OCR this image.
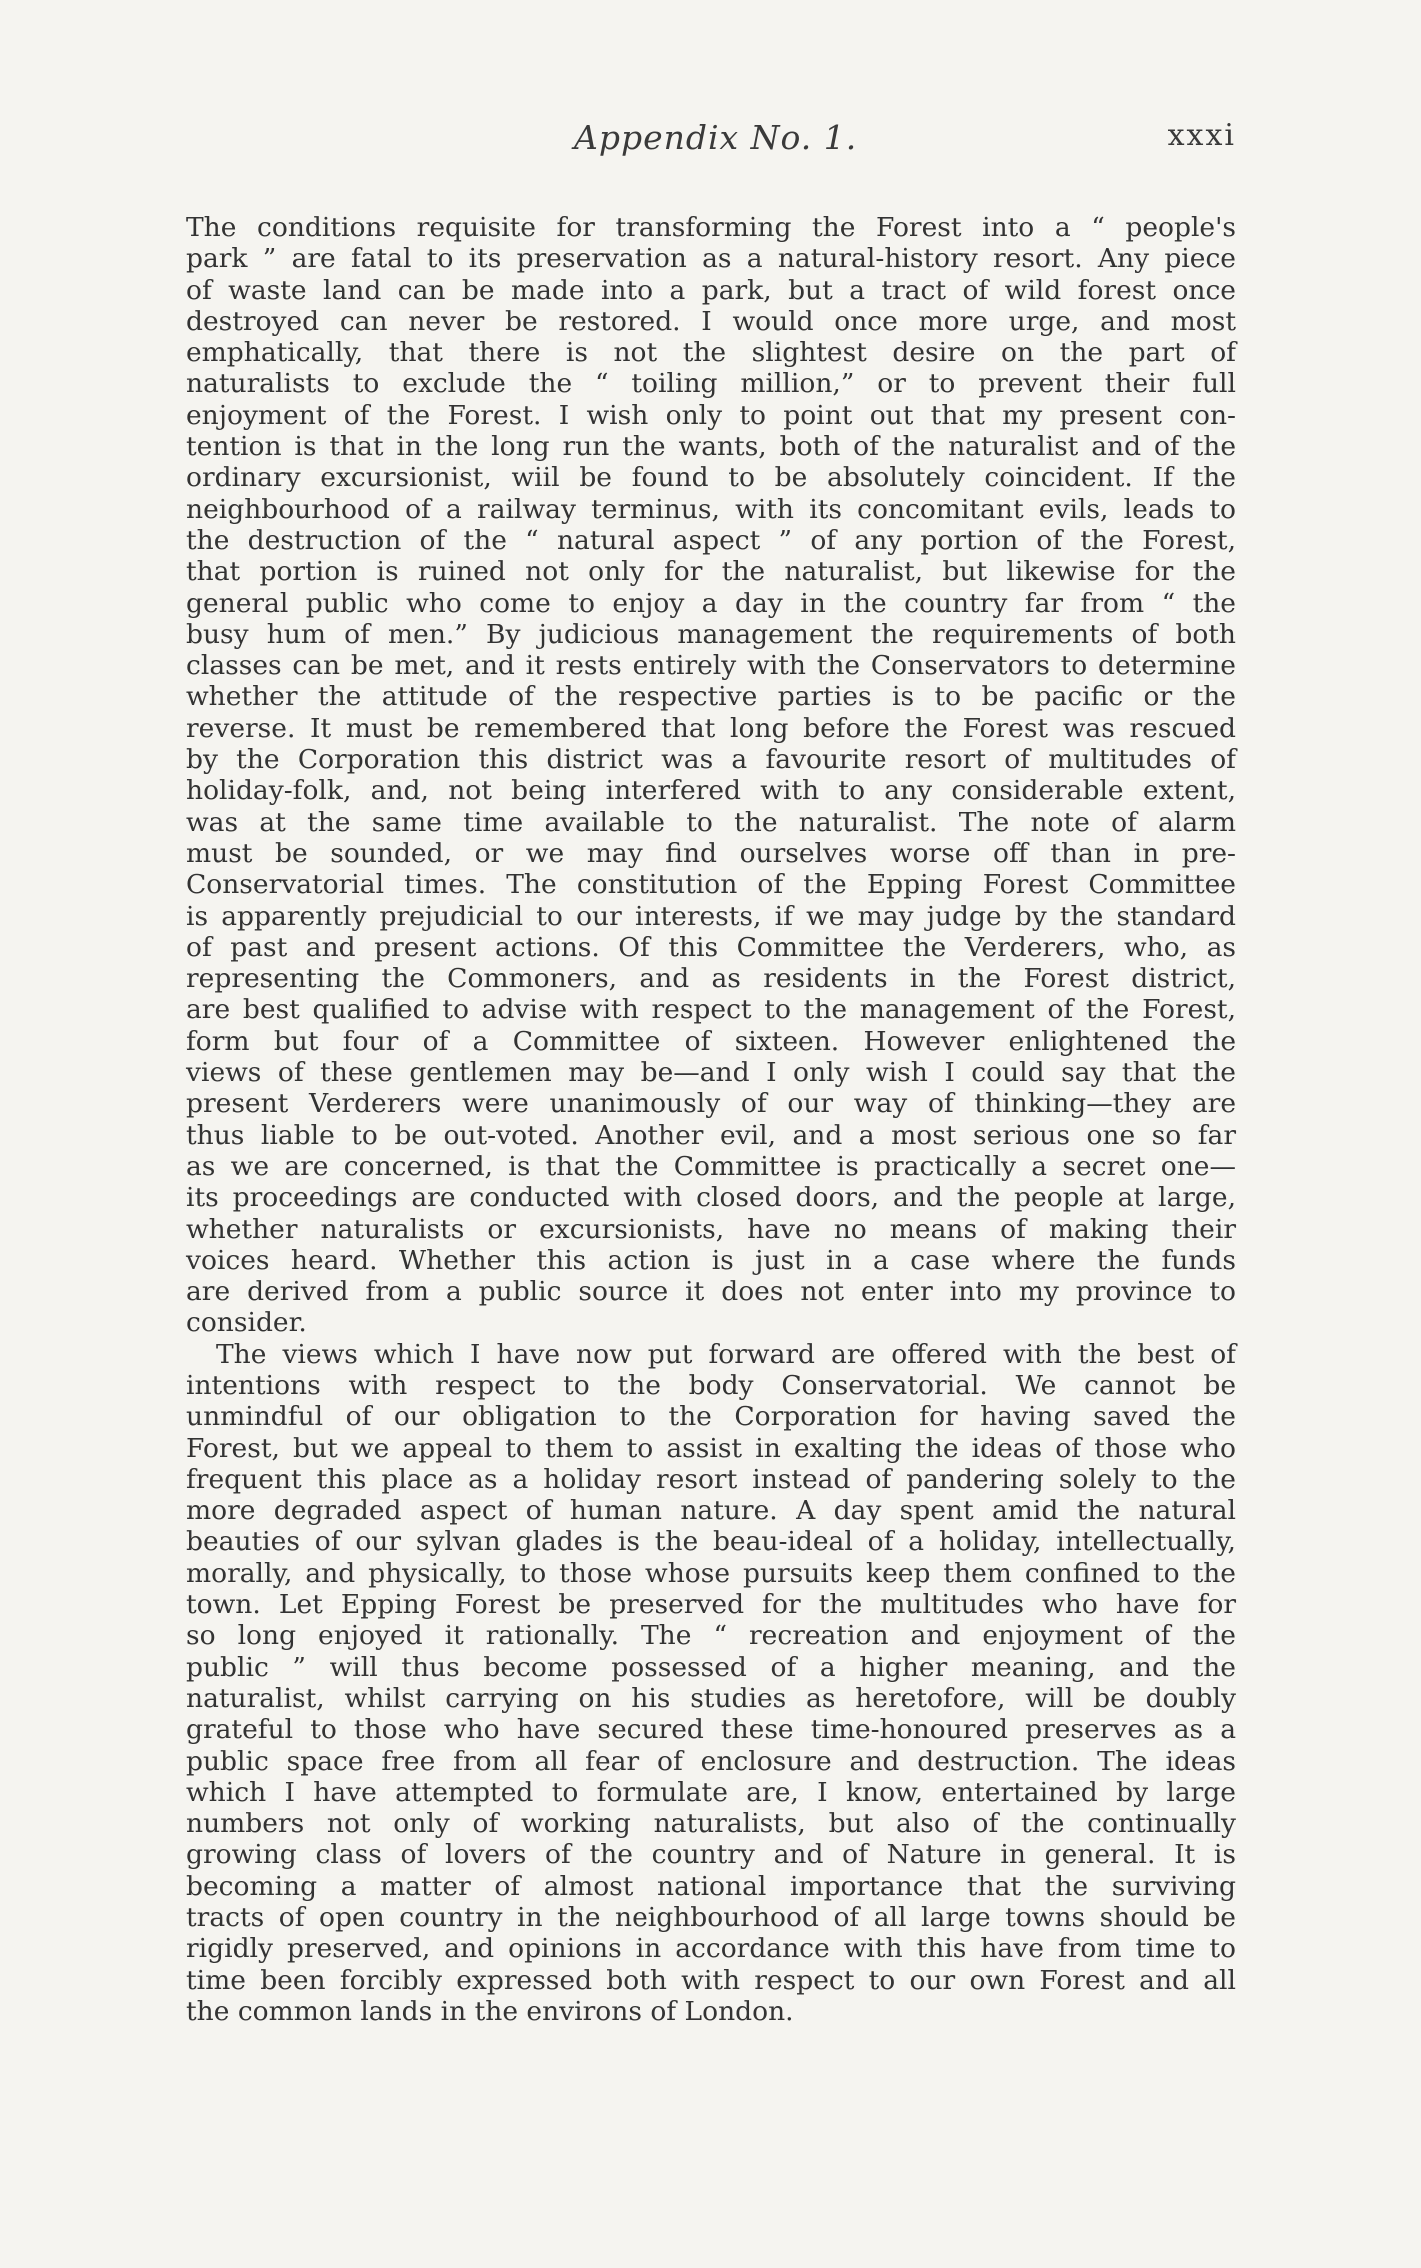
Appendix No. 1.	xxxi
The conditions requisite for transforming the Forest into a “ people's
park ” are fatal to its preservation as a natural-history resort. Any piece
of waste land can be made into a park, but a tract of wild forest once
destroyed can never be restored. I would once more urge, and most
emphatically, that there is not the slightest desire on the part of
naturalists to exclude the “ toiling million,” or to prevent their full
enjoyment of the Forest. I wish only to point out that my present con-
tention is that in the long run the wants, both of the naturalist and of the
ordinary excursionist, wiil be found to be absolutely coincident. If the
neighbourhood of a railway terminus, with its concomitant evils, leads to
the destruction of the “ natural aspect ” of any portion of the Forest,
that portion is ruined not only for the naturalist, but likewise for the
general public who come to enjoy a day in the country far from “ the
busy hum of men.” By judicious management the requirements of both
classes can be met, and it rests entirely with the Conservators to determine
whether the attitude of the respective parties is to be pacific or the
reverse. It must be remembered that long before the Forest was rescued
by the Corporation this district was a favourite resort of multitudes of
holiday-folk, and, not being interfered with to any considerable extent,
was at the same time available to the naturalist. The note of alarm
must be sounded, or we may find ourselves worse off than in pre-
Conservatorial times. The constitution of the Epping Forest Committee
is apparently prejudicial to our interests, if we may judge by the standard
of past and present actions. Of this Committee the Verderers, who, as
representing the Commoners, and as residents in the Forest district,
are best qualified to advise with respect to the management of the Forest,
form but four of a Committee of sixteen. However enlightened the
views of these gentlemen may be—and I only wish I could say that the
present Verderers were unanimously of our way of thinking—they are
thus liable to be out-voted. Another evil, and a most serious one so far
as we are concerned, is that the Committee is practically a secret one—
its proceedings are conducted with closed doors, and the people at large,
whether naturalists or excursionists, have no means of making their
voices heard. Whether this action is just in a case where the funds
are derived from a public source it does not enter into my province to
consider.
The views which I have now put forward are offered with the best of
intentions with respect to the body Conservatorial. We cannot be
unmindful of our obligation to the Corporation for having saved the
Forest, but we appeal to them to assist in exalting the ideas of those who
frequent this place as a holiday resort instead of pandering solely to the
more degraded aspect of human nature. A day spent amid the natural
beauties of our sylvan glades is the beau-ideal of a holiday, intellectually,
morally, and physically, to those whose pursuits keep them confined to the
town. Let Epping Forest be preserved for the multitudes who have for
so long enjoyed it rationally. The “ recreation and enjoyment of the
public ” will thus become possessed of a higher meaning, and the
naturalist, whilst carrying on his studies as heretofore, will be doubly
grateful to those who have secured these time-honoured preserves as a
public space free from all fear of enclosure and destruction. The ideas
which I have attempted to formulate are, I know, entertained by large
numbers not only of working naturalists, but also of the continually
growing class of lovers of the country and of Nature in general. It is
becoming a matter of almost national importance that the surviving
tracts of open country in the neighbourhood of all large towns should be
rigidly preserved, and opinions in accordance with this have from time to
time been forcibly expressed both with respect to our own Forest and all
the common lands in the environs of London.
